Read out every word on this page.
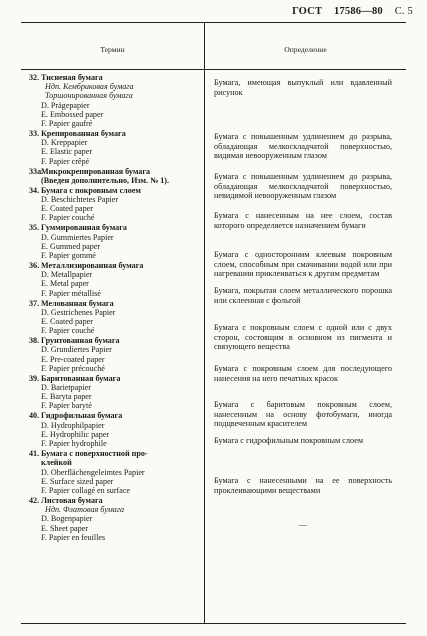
ГОСТ 17586—80 С. 5
Термин	Определение
32. Тисненая бумага
Ндп. Кембриковая бумага
Торшонированная бумага
D. Prägepapier
E. Embossed paper
F. Papier gaufré
33. Крепированная бумага
D. Kreppapier
E. Elastic paper
F. Papier crêpé
33а.Микрокрепированная бумага
(Введен дополнительно, Изм. № 1).
34. Бумага с покровным слоем
D. Beschichtetes Papier
E. Coated paper
F. Papier couché
35. Гуммированная бумага
D. Gummiertes Papier
E. Gummed paper
F. Papier gommé
36. Металлизированная бумага
D. Metallpapier
E. Metal paper
F. Papier métallisé
37. Мелованная бумага
D. Gestrichenes Papier
E. Coated paper
F. Papier couché
38. Грунтованная бумага
D. Grundiertes Papier
E. Pre-coated paper
F. Papier précouché
39. Баритованная бумага
D. Barietpapier
E. Baryta paper
F. Papier baryté
40. Гидрофильная бумага
D. Hydrophilpapier
E. Hydrophilic paper
F. Papier hydrophile
41. Бумага с поверхностной про-
клейкой
D. Oberflächengeleimtes Papier
E. Surface sized paper
F. Papier collagé en surface
42. Листовая бумага
Ндп. Флатовая бумага
D. Bogenpapier
E. Sheet paper
F. Papier en feuilles
Бумага, имеющая выпуклый или вдавленный рисунок
Бумага с повышенным удлинением до разрыва, обладающая мелкоскладчатой поверхностью, видимая невооруженным глазом
Бумага с повышенным удлинением до разрыва, обладающая мелкоскладчатой поверхностью, невидимой невооруженным глазом
Бумага с нанесенным на нее слоем, состав которого определяется назначением бумаги
Бумага с односторонним клеевым покровным слоем, способным при смачивании водой или при нагревании приклеиваться к другим предметам
Бумага, покрытая слоем металлического порошка или склеенная с фольгой
Бумага с покровным слоем с одной или с двух сторон, состоящим в основном из пигмента и связующего вещества
Бумага с покровным слоем для последующего нанесения на него печатных красок
Бумага с баритовым покровным слоем, нанесенным на основу фотобумаги, иногда подцвеченным красителем
Бумага с гидрофильным покровным слоем
Бумага с нанесенными на ее поверхность проклеивающими веществами
—
